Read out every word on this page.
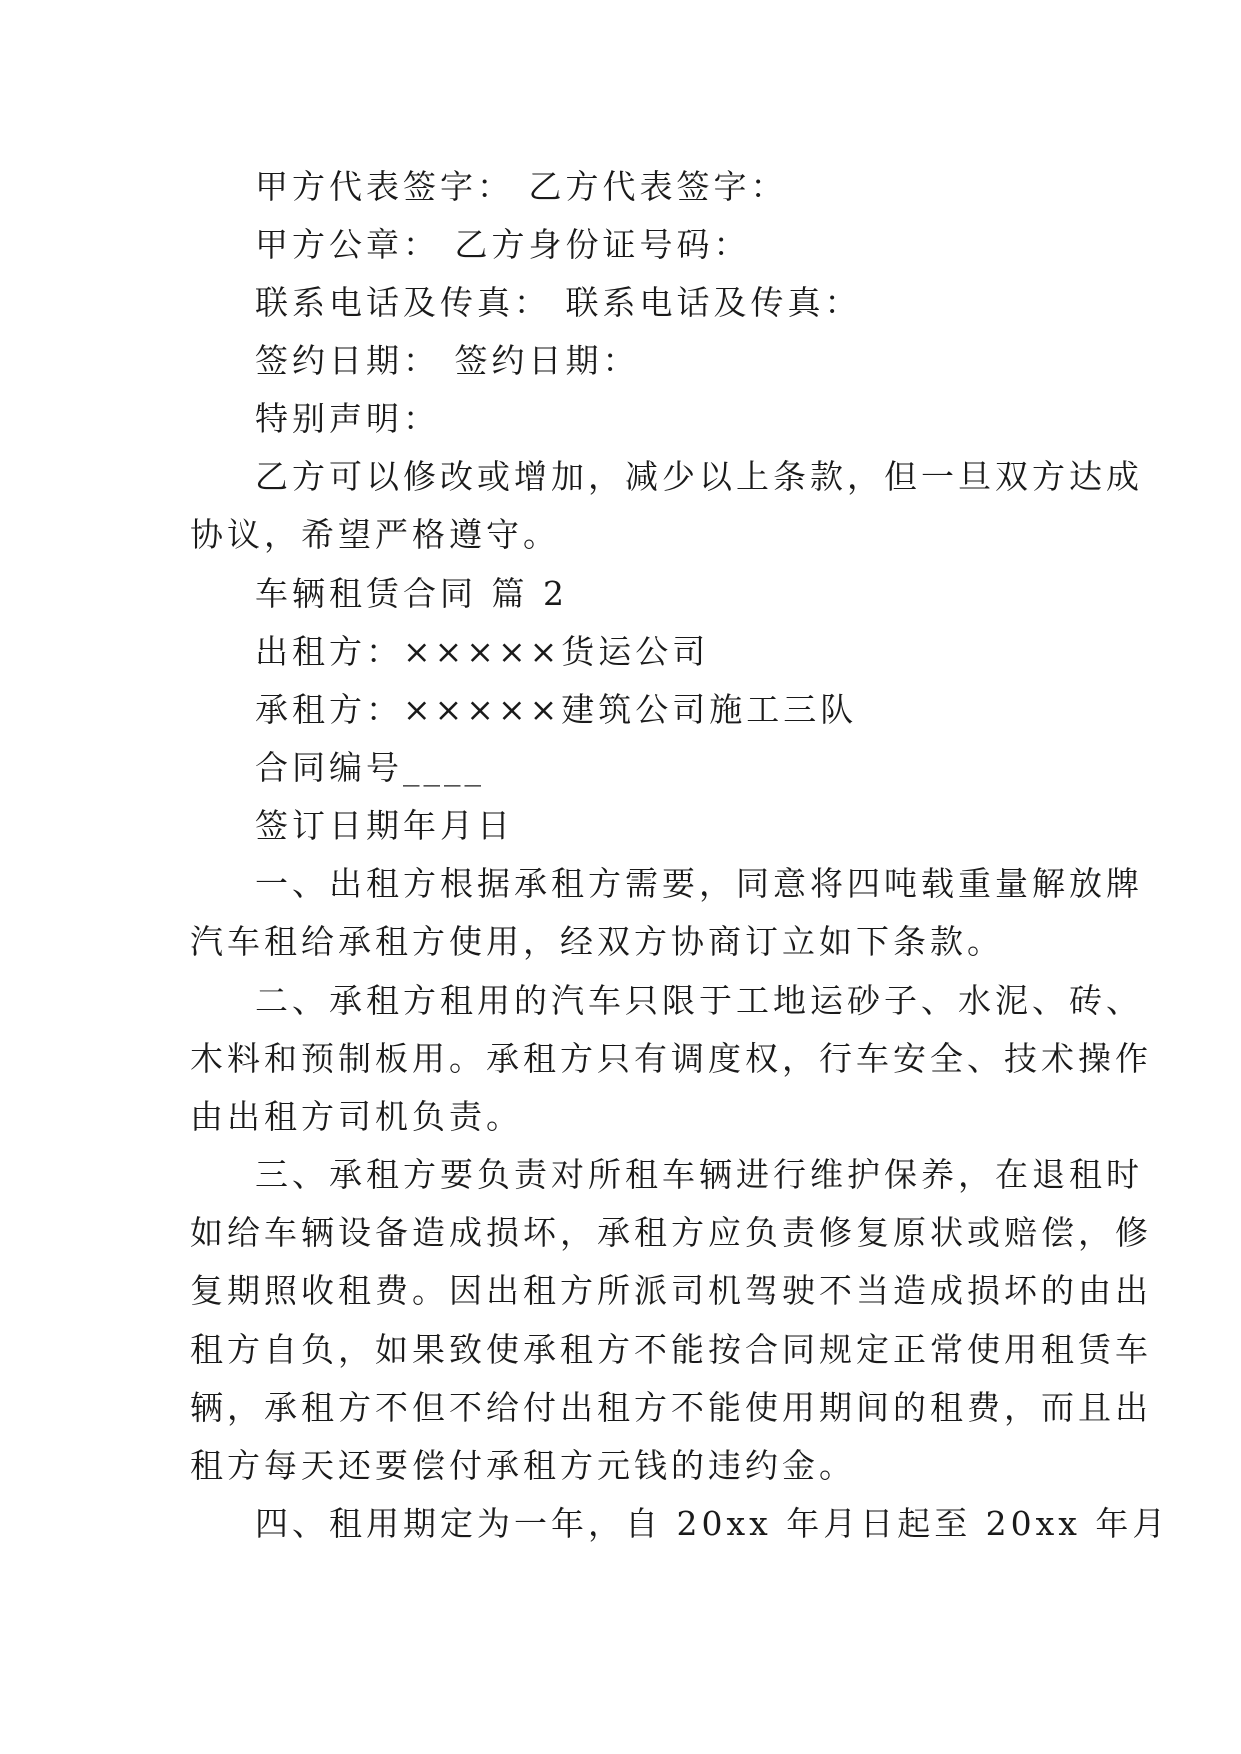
甲方代表签字： 乙方代表签字：
甲方公章： 乙方身份证号码：
联系电话及传真： 联系电话及传真：
签约日期： 签约日期：
特别声明：
乙方可以修改或增加，减少以上条款，但一旦双方达成
协议，希望严格遵守。
车辆租赁合同 篇 2
出租方：×××××货运公司
承租方：×××××建筑公司施工三队
合同编号____
签订日期年月日
一、出租方根据承租方需要，同意将四吨载重量解放牌
汽车租给承租方使用，经双方协商订立如下条款。
二、承租方租用的汽车只限于工地运砂子、水泥、砖、
木料和预制板用。承租方只有调度权，行车安全、技术操作
由出租方司机负责。
三、承租方要负责对所租车辆进行维护保养，在退租时
如给车辆设备造成损坏，承租方应负责修复原状或赔偿，修
复期照收租费。因出租方所派司机驾驶不当造成损坏的由出
租方自负，如果致使承租方不能按合同规定正常使用租赁车
辆，承租方不但不给付出租方不能使用期间的租费，而且出
租方每天还要偿付承租方元钱的违约金。
四、租用期定为一年，自 20xx 年月日起至 20xx 年月
